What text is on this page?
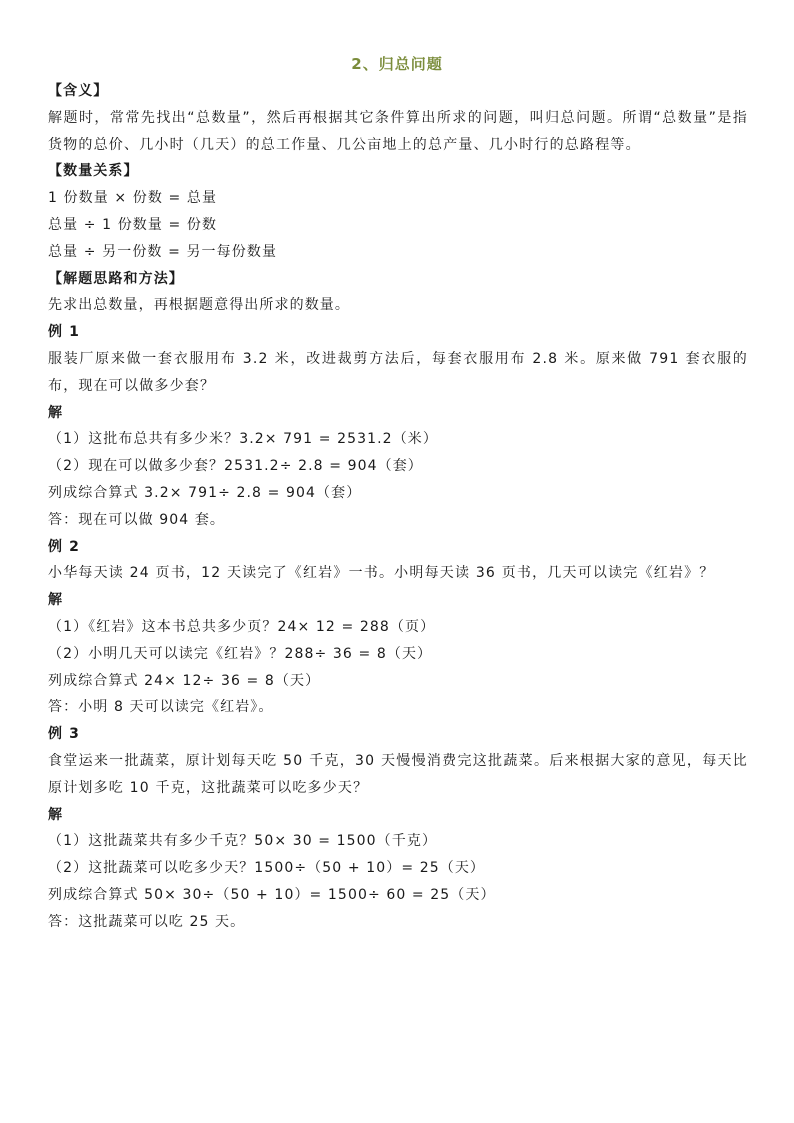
2、归总问题
【含义】
解题时，常常先找出“总数量”，然后再根据其它条件算出所求的问题，叫归总问题。所谓“总数量”是指货物的总价、几小时（几天）的总工作量、几公亩地上的总产量、几小时行的总路程等。
【数量关系】
1 份数量 × 份数 = 总量
总量 ÷ 1 份数量 = 份数
总量 ÷ 另一份数 = 另一每份数量
【解题思路和方法】
先求出总数量，再根据题意得出所求的数量。
例 1
服装厂原来做一套衣服用布 3.2 米，改进裁剪方法后，每套衣服用布 2.8 米。原来做 791 套衣服的布，现在可以做多少套？
解
（1）这批布总共有多少米？3.2× 791 = 2531.2（米）
（2）现在可以做多少套？2531.2÷ 2.8 = 904（套）
列成综合算式 3.2× 791÷ 2.8 = 904（套）
答：现在可以做 904 套。
例 2
小华每天读 24 页书，12 天读完了《红岩》一书。小明每天读 36 页书，几天可以读完《红岩》？
解
（1）《红岩》这本书总共多少页？24× 12 = 288（页）
（2）小明几天可以读完《红岩》？288÷ 36 = 8（天）
列成综合算式 24× 12÷ 36 = 8（天）
答：小明 8 天可以读完《红岩》。
例 3
食堂运来一批蔬菜，原计划每天吃 50 千克，30 天慢慢消费完这批蔬菜。后来根据大家的意见，每天比原计划多吃 10 千克，这批蔬菜可以吃多少天？
解
（1）这批蔬菜共有多少千克？50× 30 = 1500（千克）
（2）这批蔬菜可以吃多少天？1500÷（50 + 10）= 25（天）
列成综合算式 50× 30÷（50 + 10）= 1500÷ 60 = 25（天）
答：这批蔬菜可以吃 25 天。
